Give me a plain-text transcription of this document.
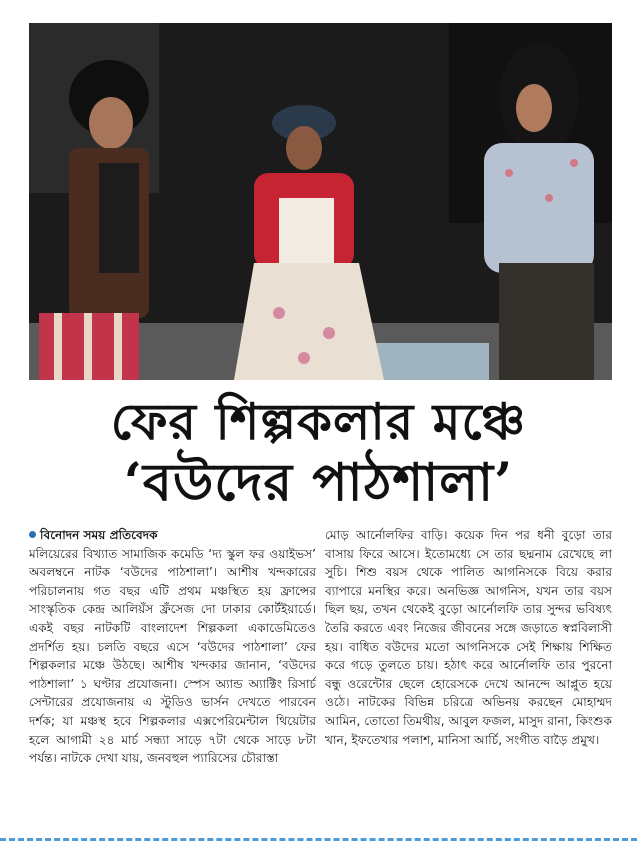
ফের শিল্পকলার মঞ্চে
‘বউদের পাঠশালা’
বিনোদন সময় প্রতিবেদক
মলিয়েরের বিখ্যাত সামাজিক কমেডি ‘দ্য স্কুল ফর ওয়াইভস’ অবলম্বনে নাটক ‘বউদের পাঠশালা’। আশীষ খন্দকারের পরিচালনায় গত বছর এটি প্রথম মঞ্চস্থিত হয় ফ্রান্সের সাংস্কৃতিক কেন্দ্র আলিয়ঁস ফ্রঁসেজ দো ঢাকার কোর্টইয়ার্ডে। একই বছর নাটকটি বাংলাদেশ শিল্পকলা একাডেমিতেও প্রদর্শিত হয়। চলতি বছরে এসে ‘বউদের পাঠশালা’ ফের শিল্পকলার মঞ্চে উঠছে। আশীষ খন্দকার জানান, ‘বউদের পাঠশালা’ ১ ঘণ্টার প্রযোজনা। স্পেস অ্যান্ড অ্যাক্টিং রিসার্চ সেন্টারের প্রযোজনায় এ স্টুডিও ভার্সন দেখতে পারবেন দর্শক; যা মঞ্চস্থ হবে শিল্পকলার এক্সপেরিমেন্টাল থিয়েটার হলে আগামী ২৪ মার্চ সন্ধ্যা সাড়ে ৭টা থেকে সাড়ে ৮টা পর্যন্ত। নাটকে দেখা যায়, জনবহুল প্যারিসের চৌরাস্তা
মোড় আর্নোলফির বাড়ি। কয়েক দিন পর ধনী বুড়ো তার বাসায় ফিরে আসে। ইতোমধ্যে সে তার ছদ্মনাম রেখেছে লা সুচি। শিশু বয়স থেকে পালিত আগনিসকে বিয়ে করার ব্যাপারে মনস্থির করে। অনভিজ্ঞ আগনিস, যখন তার বয়স ছিল ছয়, তখন থেকেই বুড়ো আর্নোলফি তার সুন্দর ভবিষ্যৎ তৈরি করতে এবং নিজের জীবনের সঙ্গে জড়াতে স্বপ্নবিলাসী হয়। বাধিত বউদের মতো আগনিসকে সেই শিক্ষায় শিক্ষিত করে গড়ে তুলতে চায়। হঠাৎ করে আর্নোলফি তার পুরনো বন্ধু ওরেন্টোর ছেলে হোরেসকে দেখে আনন্দে আপ্লুত হয়ে ওঠে। নাটকের বিভিন্ন চরিত্রে অভিনয় করছেন মোহাম্মদ আমিন, তোতো তিমথীয়, আবুল ফজল, মাসুদ রানা, কিংশুক খান, ইফতেখার পলাশ, মানিসা আর্চি, সংগীত বাড়ৈ প্রমুখ।
